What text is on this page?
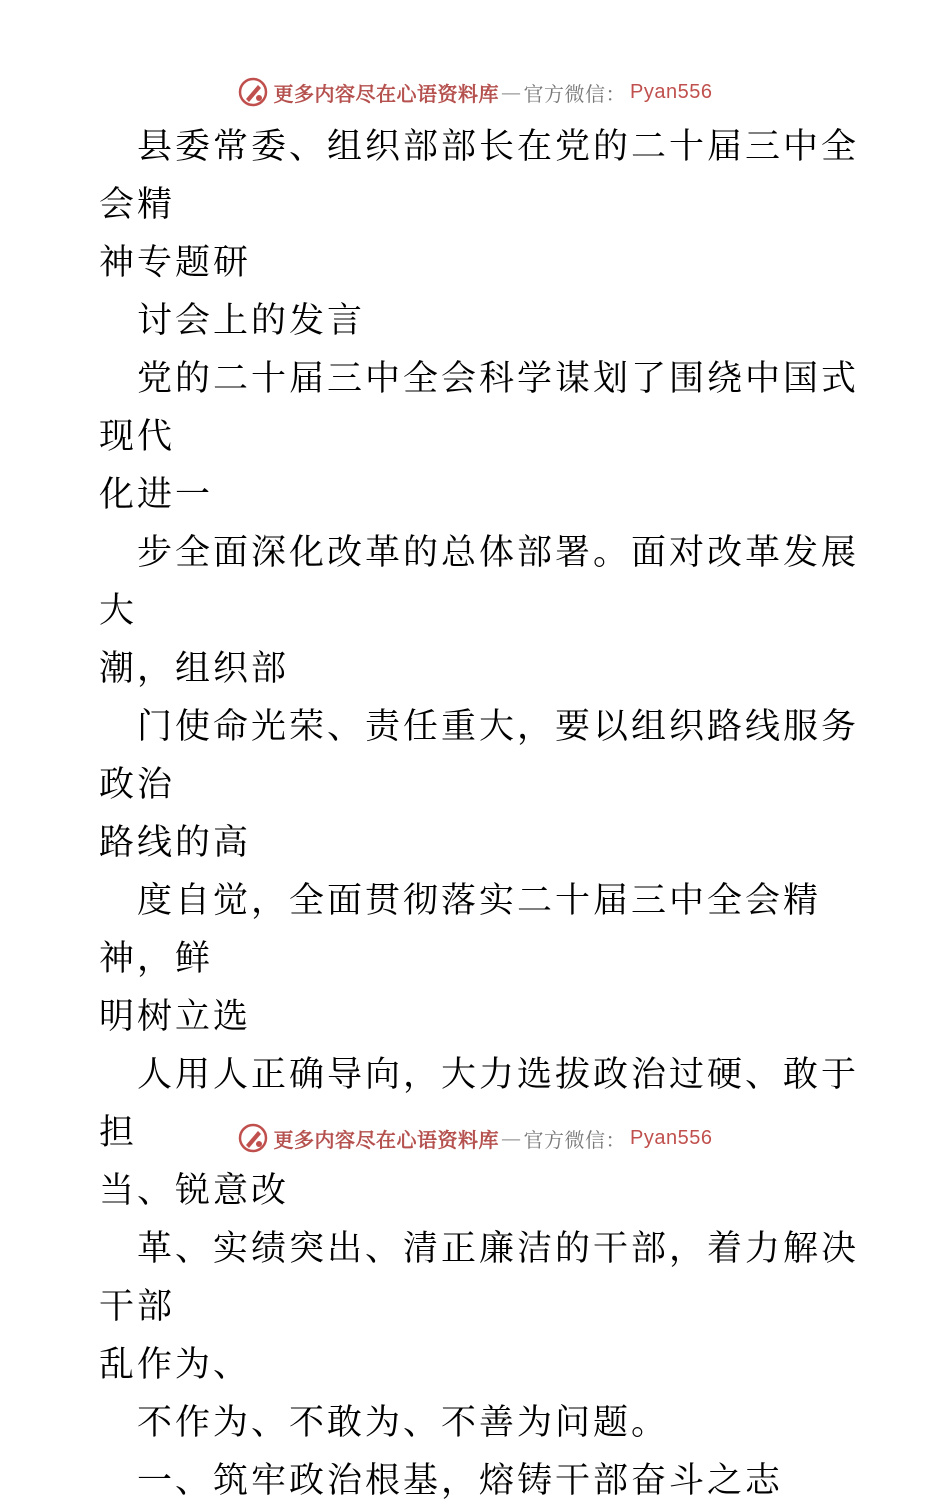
更多内容尽在心语资料库 — 官方微信： Pyan556

　县委常委、组织部部长在党的二十届三中全会精

神专题研

　讨会上的发言

　党的二十届三中全会科学谋划了围绕中国式现代

化进一

　步全面深化改革的总体部署。面对改革发展大

潮，组织部

　门使命光荣、责任重大，要以组织路线服务政治

路线的高

　度自觉，全面贯彻落实二十届三中全会精神，鲜

明树立选

　人用人正确导向，大力选拔政治过硬、敢于担

当、锐意改

　革、实绩突出、清正廉洁的干部，着力解决干部

乱作为、

　不作为、不敢为、不善为问题。

　一、筑牢政治根基，熔铸干部奋斗之志

更多内容尽在心语资料库 — 官方微信： Pyan556
